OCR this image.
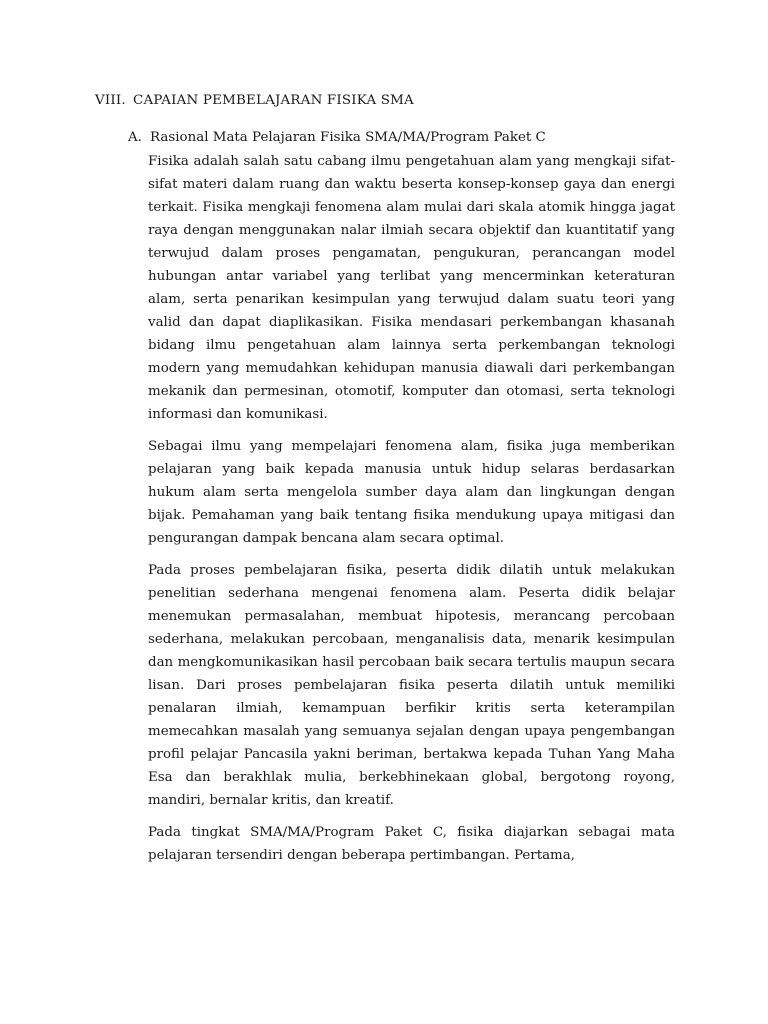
VIII. CAPAIAN PEMBELAJARAN FISIKA SMA
A. Rasional Mata Pelajaran Fisika SMA/MA/Program Paket C

Fisika adalah salah satu cabang ilmu pengetahuan alam yang mengkaji sifat-sifat materi dalam ruang dan waktu beserta konsep-konsep gaya dan energi terkait. Fisika mengkaji fenomena alam mulai dari skala atomik hingga jagat raya dengan menggunakan nalar ilmiah secara objektif dan kuantitatif yang terwujud dalam proses pengamatan, pengukuran, perancangan model hubungan antar variabel yang terlibat yang mencerminkan keteraturan alam, serta penarikan kesimpulan yang terwujud dalam suatu teori yang valid dan dapat diaplikasikan. Fisika mendasari perkembangan khasanah bidang ilmu pengetahuan alam lainnya serta perkembangan teknologi modern yang memudahkan kehidupan manusia diawali dari perkembangan mekanik dan permesinan, otomotif, komputer dan otomasi, serta teknologi informasi dan komunikasi.

Sebagai ilmu yang mempelajari fenomena alam, fisika juga memberikan pelajaran yang baik kepada manusia untuk hidup selaras berdasarkan hukum alam serta mengelola sumber daya alam dan lingkungan dengan bijak. Pemahaman yang baik tentang fisika mendukung upaya mitigasi dan pengurangan dampak bencana alam secara optimal.

Pada proses pembelajaran fisika, peserta didik dilatih untuk melakukan penelitian sederhana mengenai fenomena alam. Peserta didik belajar menemukan permasalahan, membuat hipotesis, merancang percobaan sederhana, melakukan percobaan, menganalisis data, menarik kesimpulan dan mengkomunikasikan hasil percobaan baik secara tertulis maupun secara lisan. Dari proses pembelajaran fisika peserta dilatih untuk memiliki penalaran ilmiah, kemampuan berfikir kritis serta keterampilan memecahkan masalah yang semuanya sejalan dengan upaya pengembangan profil pelajar Pancasila yakni beriman, bertakwa kepada Tuhan Yang Maha Esa dan berakhlak mulia, berkebhinekaan global, bergotong royong, mandiri, bernalar kritis, dan kreatif.

Pada tingkat SMA/MA/Program Paket C, fisika diajarkan sebagai mata pelajaran tersendiri dengan beberapa pertimbangan. Pertama,
